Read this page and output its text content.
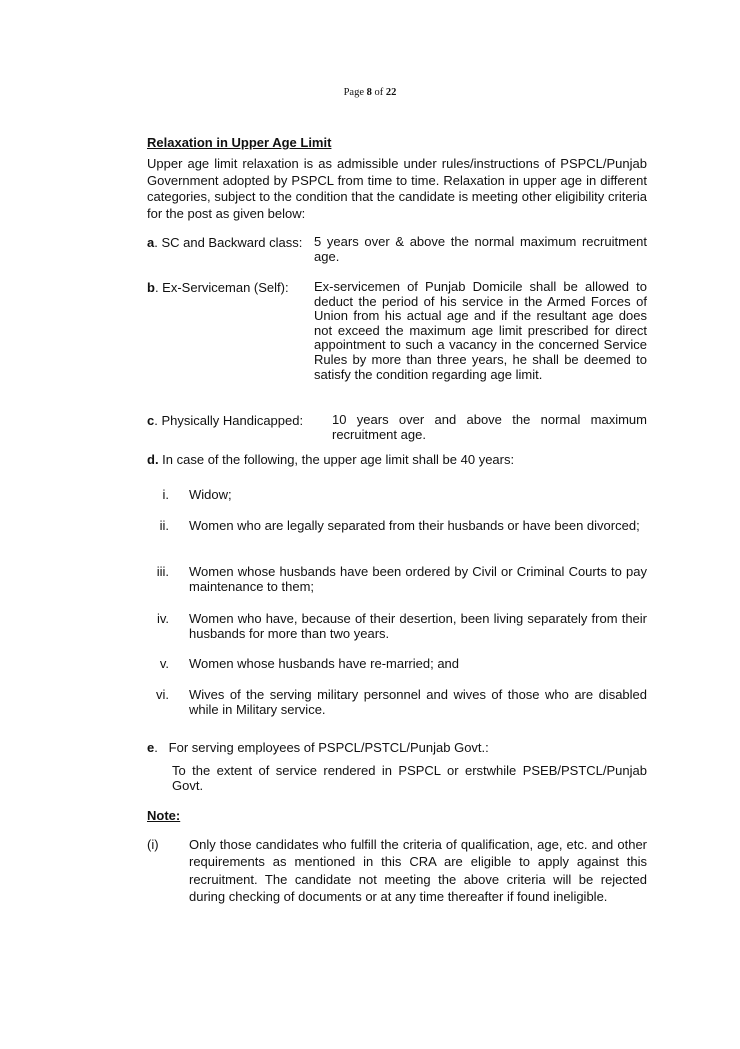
Page 8 of 22
Relaxation in Upper Age Limit
Upper age limit relaxation is as admissible under rules/instructions of PSPCL/Punjab Government adopted by PSPCL from time to time. Relaxation in upper age in different categories, subject to the condition that the candidate is meeting other eligibility criteria for the post as given below:
a. SC and Backward class: 5 years over & above the normal maximum recruitment age.
b. Ex-Serviceman (Self): Ex-servicemen of Punjab Domicile shall be allowed to deduct the period of his service in the Armed Forces of Union from his actual age and if the resultant age does not exceed the maximum age limit prescribed for direct appointment to such a vacancy in the concerned Service Rules by more than three years, he shall be deemed to satisfy the condition regarding age limit.
c. Physically Handicapped: 10 years over and above the normal maximum recruitment age.
d. In case of the following, the upper age limit shall be 40 years:
i. Widow;
ii. Women who are legally separated from their husbands or have been divorced;
iii. Women whose husbands have been ordered by Civil or Criminal Courts to pay maintenance to them;
iv. Women who have, because of their desertion, been living separately from their husbands for more than two years.
v. Women whose husbands have re-married; and
vi. Wives of the serving military personnel and wives of those who are disabled while in Military service.
e.   For serving employees of PSPCL/PSTCL/Punjab Govt.:
To the extent of service rendered in PSPCL or erstwhile PSEB/PSTCL/Punjab Govt.
Note:
(i) Only those candidates who fulfill the criteria of qualification, age, etc. and other requirements as mentioned in this CRA are eligible to apply against this recruitment. The candidate not meeting the above criteria will be rejected during checking of documents or at any time thereafter if found ineligible.
